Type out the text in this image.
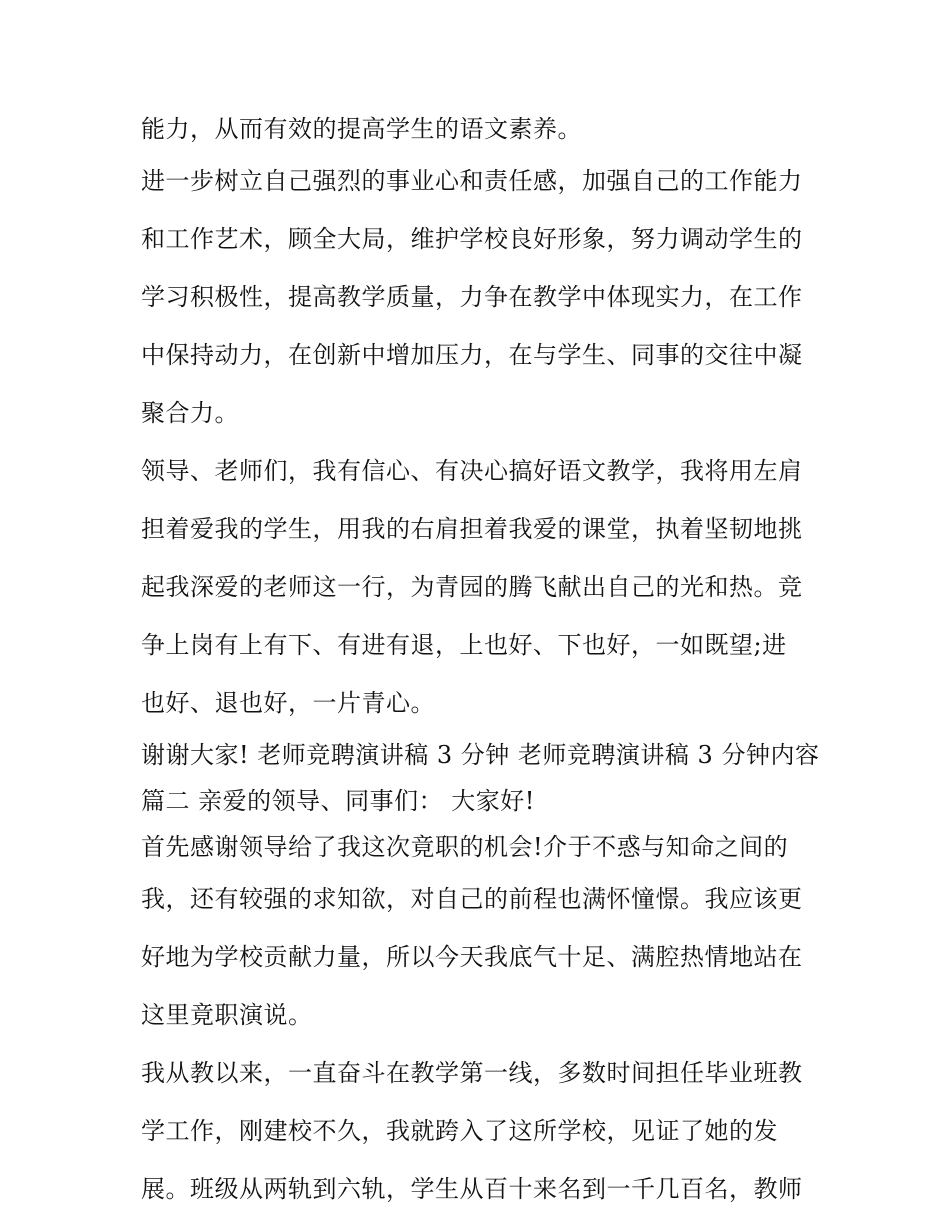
能力，从而有效的提高学生的语文素养。
进一步树立自己强烈的事业心和责任感，加强自己的工作能力
和工作艺术，顾全大局，维护学校良好形象，努力调动学生的
学习积极性，提高教学质量，力争在教学中体现实力，在工作
中保持动力，在创新中增加压力，在与学生、同事的交往中凝
聚合力。
领导、老师们，我有信心、有决心搞好语文教学，我将用左肩
担着爱我的学生，用我的右肩担着我爱的课堂，执着坚韧地挑
起我深爱的老师这一行，为青园的腾飞献出自己的光和热。竞
争上岗有上有下、有进有退，上也好、下也好，一如既望;进
也好、退也好，一片青心。
谢谢大家! 老师竞聘演讲稿 3 分钟 老师竞聘演讲稿 3 分钟内容
篇二 亲爱的领导、同事们： 大家好!
首先感谢领导给了我这次竟职的机会!介于不惑与知命之间的
我，还有较强的求知欲，对自己的前程也满怀憧憬。我应该更
好地为学校贡献力量，所以今天我底气十足、满腔热情地站在
这里竟职演说。
我从教以来，一直奋斗在教学第一线，多数时间担任毕业班教
学工作，刚建校不久，我就跨入了这所学校，见证了她的发
展。班级从两轨到六轨，学生从百十来名到一千几百名，教师
